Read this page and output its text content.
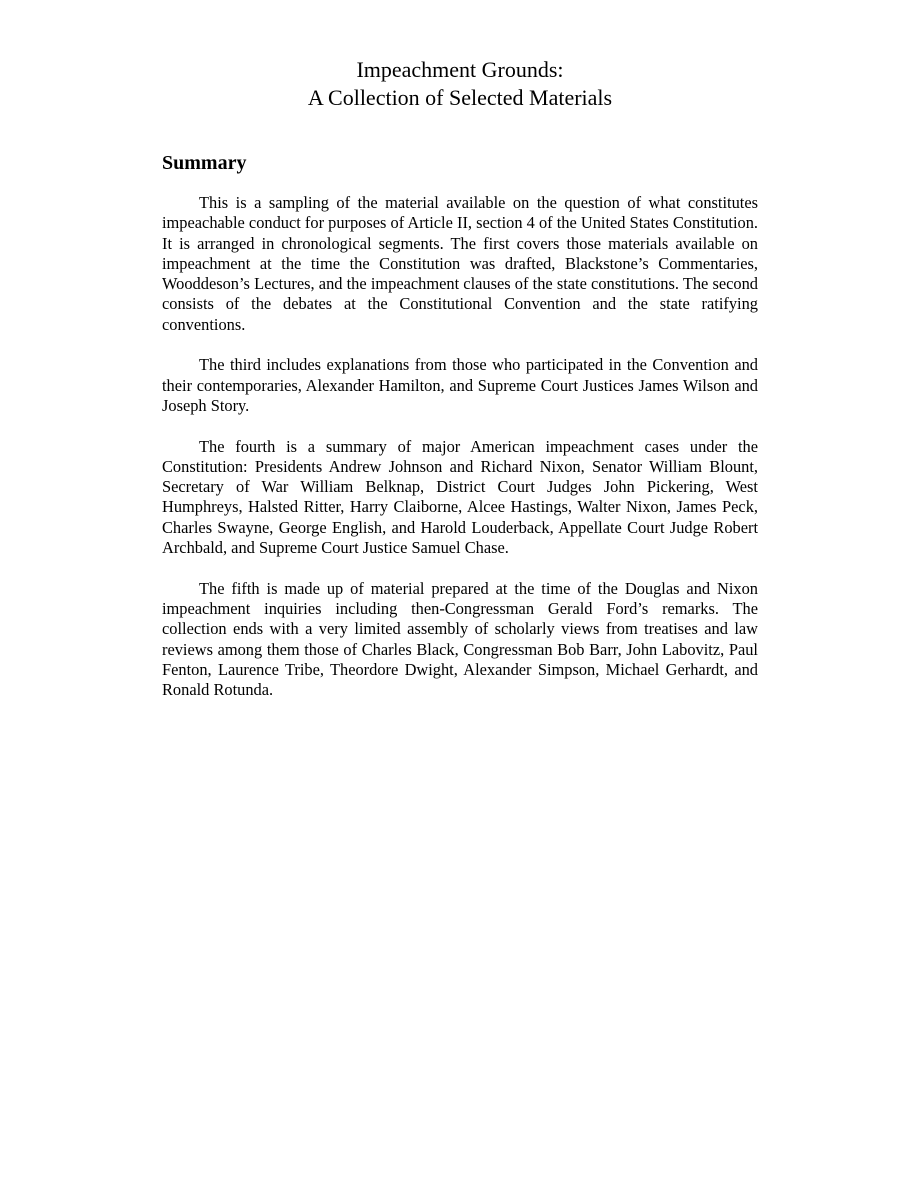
Impeachment Grounds:
A Collection of Selected Materials
Summary

This is a sampling of the material available on the question of what constitutes impeachable conduct for purposes of Article II, section 4 of the United States Constitution. It is arranged in chronological segments. The first covers those materials available on impeachment at the time the Constitution was drafted, Blackstone’s Commentaries, Wooddeson’s Lectures, and the impeachment clauses of the state constitutions. The second consists of the debates at the Constitutional Convention and the state ratifying conventions.

The third includes explanations from those who participated in the Convention and their contemporaries, Alexander Hamilton, and Supreme Court Justices James Wilson and Joseph Story.

The fourth is a summary of major American impeachment cases under the Constitution: Presidents Andrew Johnson and Richard Nixon, Senator William Blount, Secretary of War William Belknap, District Court Judges John Pickering, West Humphreys, Halsted Ritter, Harry Claiborne, Alcee Hastings, Walter Nixon, James Peck, Charles Swayne, George English, and Harold Louderback, Appellate Court Judge Robert Archbald, and Supreme Court Justice Samuel Chase.

The fifth is made up of material prepared at the time of the Douglas and Nixon impeachment inquiries including then-Congressman Gerald Ford’s remarks. The collection ends with a very limited assembly of scholarly views from treatises and law reviews among them those of Charles Black, Congressman Bob Barr, John Labovitz, Paul Fenton, Laurence Tribe, Theordore Dwight, Alexander Simpson, Michael Gerhardt, and Ronald Rotunda.
